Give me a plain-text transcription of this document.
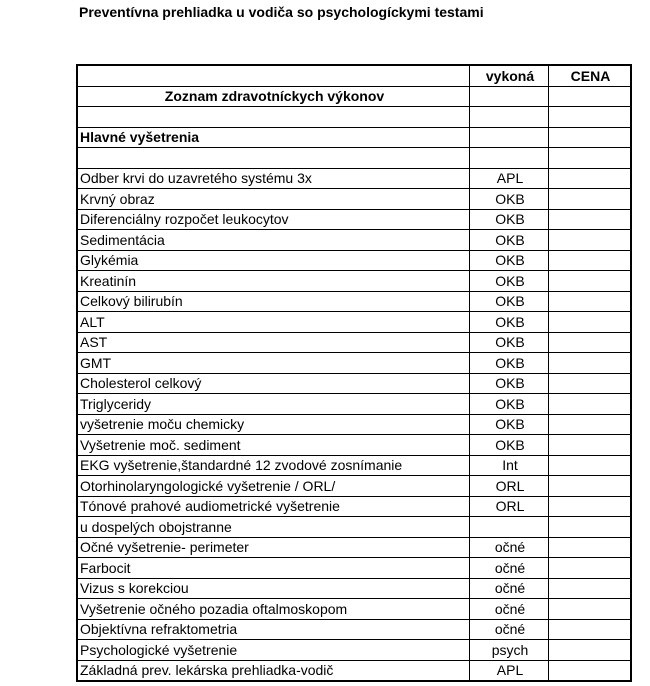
Preventívna prehliadka u vodiča so psychologíckymi testami
	vykoná	CENA
Zoznam zdravotníckych výkonov		

Hlavné vyšetrenia		

Odber krvi do uzavretého systému 3x	APL	
Krvný obraz	OKB	
Diferenciálny rozpočet leukocytov	OKB	
Sedimentácia	OKB	
Glykémia	OKB	
Kreatinín	OKB	
Celkový bilirubín	OKB	
ALT	OKB	
AST	OKB	
GMT	OKB	
Cholesterol celkový	OKB	
Triglyceridy	OKB	
vyšetrenie moču chemicky	OKB	
Vyšetrenie moč. sediment	OKB	
EKG vyšetrenie,štandardné 12 zvodové zosnímanie	Int	
Otorhinolaryngologické vyšetrenie / ORL/	ORL	
Tónové prahové audiometrické vyšetrenie	ORL	
u dospelých obojstranne		
Očné vyšetrenie- perimeter	očné	
Farbocit	očné	
Vizus s korekciou	očné	
Vyšetrenie očného pozadia oftalmoskopom	očné	
Objektívna refraktometria	očné	
Psychologické vyšetrenie	psych	
Základná prev. lekárska prehliadka-vodič	APL	
